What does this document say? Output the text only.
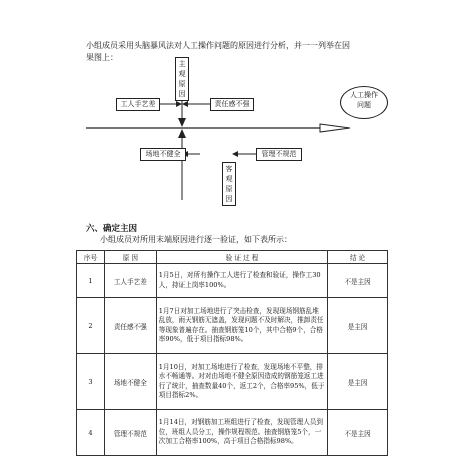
小组成员采用头脑暴风法对人工操作问题的原因进行分析，并一一列举在因
果图上：
主
观
原
因
客
观
原
因
工人手艺差	责任感不强
场地不健全	管理不规范
人工操作
问题
六、确定主因
小组成员对所用末端原因进行逐一验证，如下表所示：
序号	原 因	验 证 过 程	结 论
1	工人手艺差	1月5日，对所有操作工人进行了检查和验证，操作工30人，持证上岗率100%。	不是主因
2	责任感不强	1月7日对加工场地进行了突击检查，发现现场钢筋乱堆乱放，雨天钢筋无遮盖，发现问题不及时解决，推卸责任等现象普遍存在。抽查钢筋笼10个，其中合格9个，合格率90%，低于项目指标98%。	是主因
3	场地不健全	1月10日，对加工场地进行了检查，发现场地不平整，排水不畅通等。对对由场地不健全原因造成的钢筋笼返工进行了统计，抽查数量40个，返工2个，合格率95%，低于项目指标2%。	是主因
4	管理不规范	1月14日，对钢筋加工班组进行了检查，发现管理人员到位，班组人员分工，操作规程规范。抽查钢筋笼5个，一次加工合格率100%，高于项目合格指标98%。	不是主因
